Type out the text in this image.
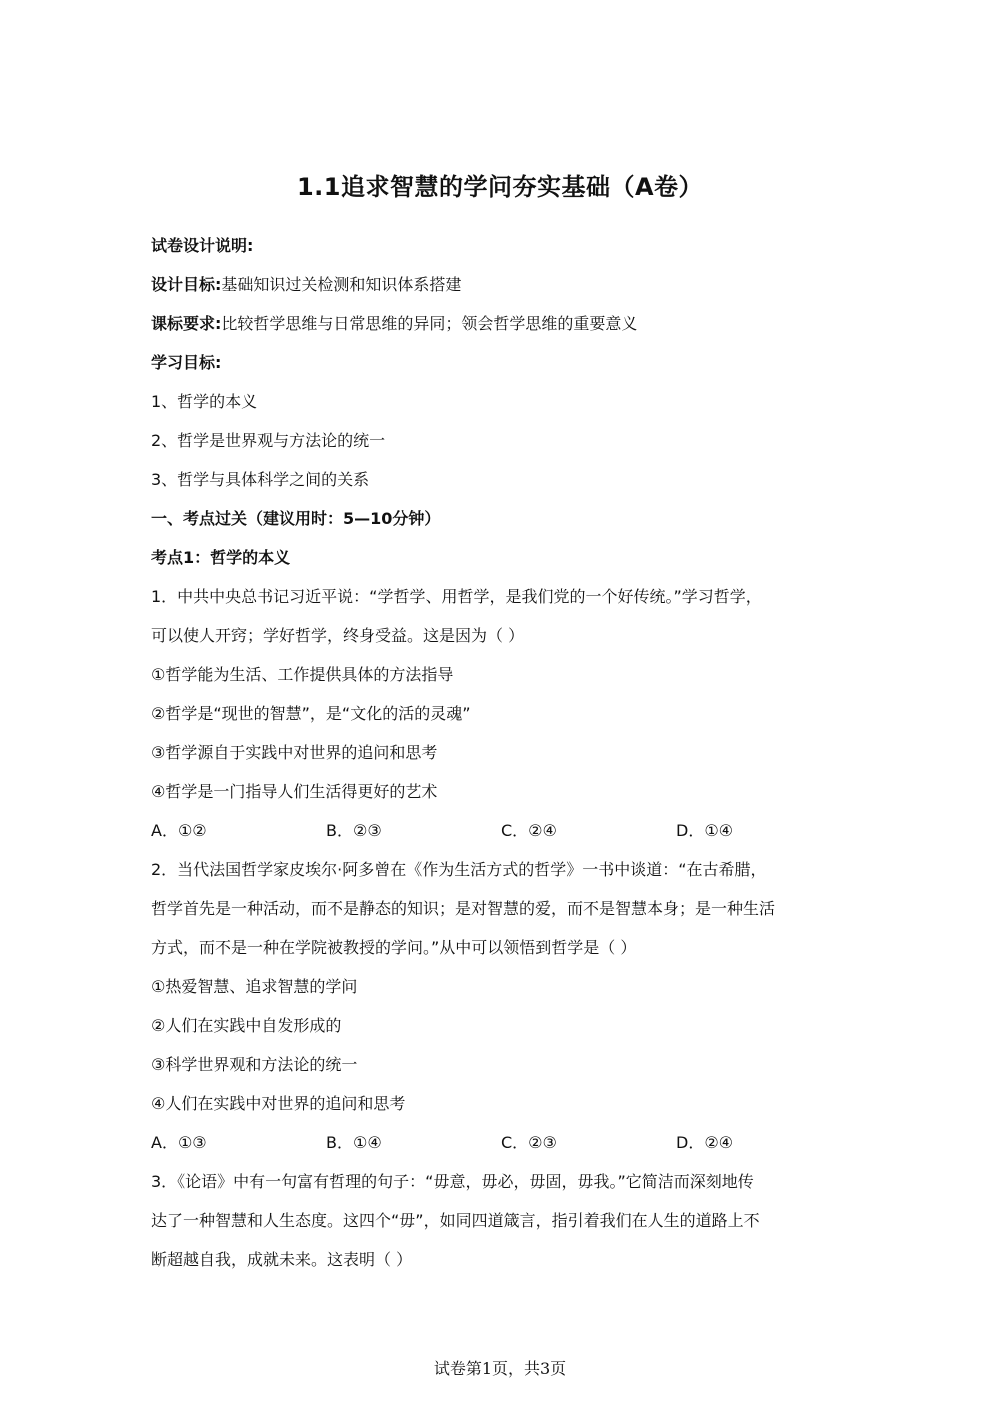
1.1追求智慧的学问夯实基础（A卷）
试卷设计说明:
设计目标:基础知识过关检测和知识体系搭建
课标要求:比较哲学思维与日常思维的异同；领会哲学思维的重要意义
学习目标:
1、哲学的本义
2、哲学是世界观与方法论的统一
3、哲学与具体科学之间的关系
一、考点过关（建议用时：5—10分钟）
考点1：哲学的本义
1．中共中央总书记习近平说：“学哲学、用哲学，是我们党的一个好传统。”学习哲学，
可以使人开窍；学好哲学，终身受益。这是因为（ ）
①哲学能为生活、工作提供具体的方法指导
②哲学是“现世的智慧”，是“文化的活的灵魂”
③哲学源自于实践中对世界的追问和思考
④哲学是一门指导人们生活得更好的艺术
A．①②	B．②③	C．②④	D．①④
2．当代法国哲学家皮埃尔·阿多曾在《作为生活方式的哲学》一书中谈道：“在古希腊，
哲学首先是一种活动，而不是静态的知识；是对智慧的爱，而不是智慧本身；是一种生活
方式，而不是一种在学院被教授的学问。”从中可以领悟到哲学是（ ）
①热爱智慧、追求智慧的学问
②人们在实践中自发形成的
③科学世界观和方法论的统一
④人们在实践中对世界的追问和思考
A．①③	B．①④	C．②③	D．②④
3．《论语》中有一句富有哲理的句子：“毋意，毋必，毋固，毋我。”它简洁而深刻地传
达了一种智慧和人生态度。这四个“毋”，如同四道箴言，指引着我们在人生的道路上不
断超越自我，成就未来。这表明（ ）
试卷第1页，共3页
